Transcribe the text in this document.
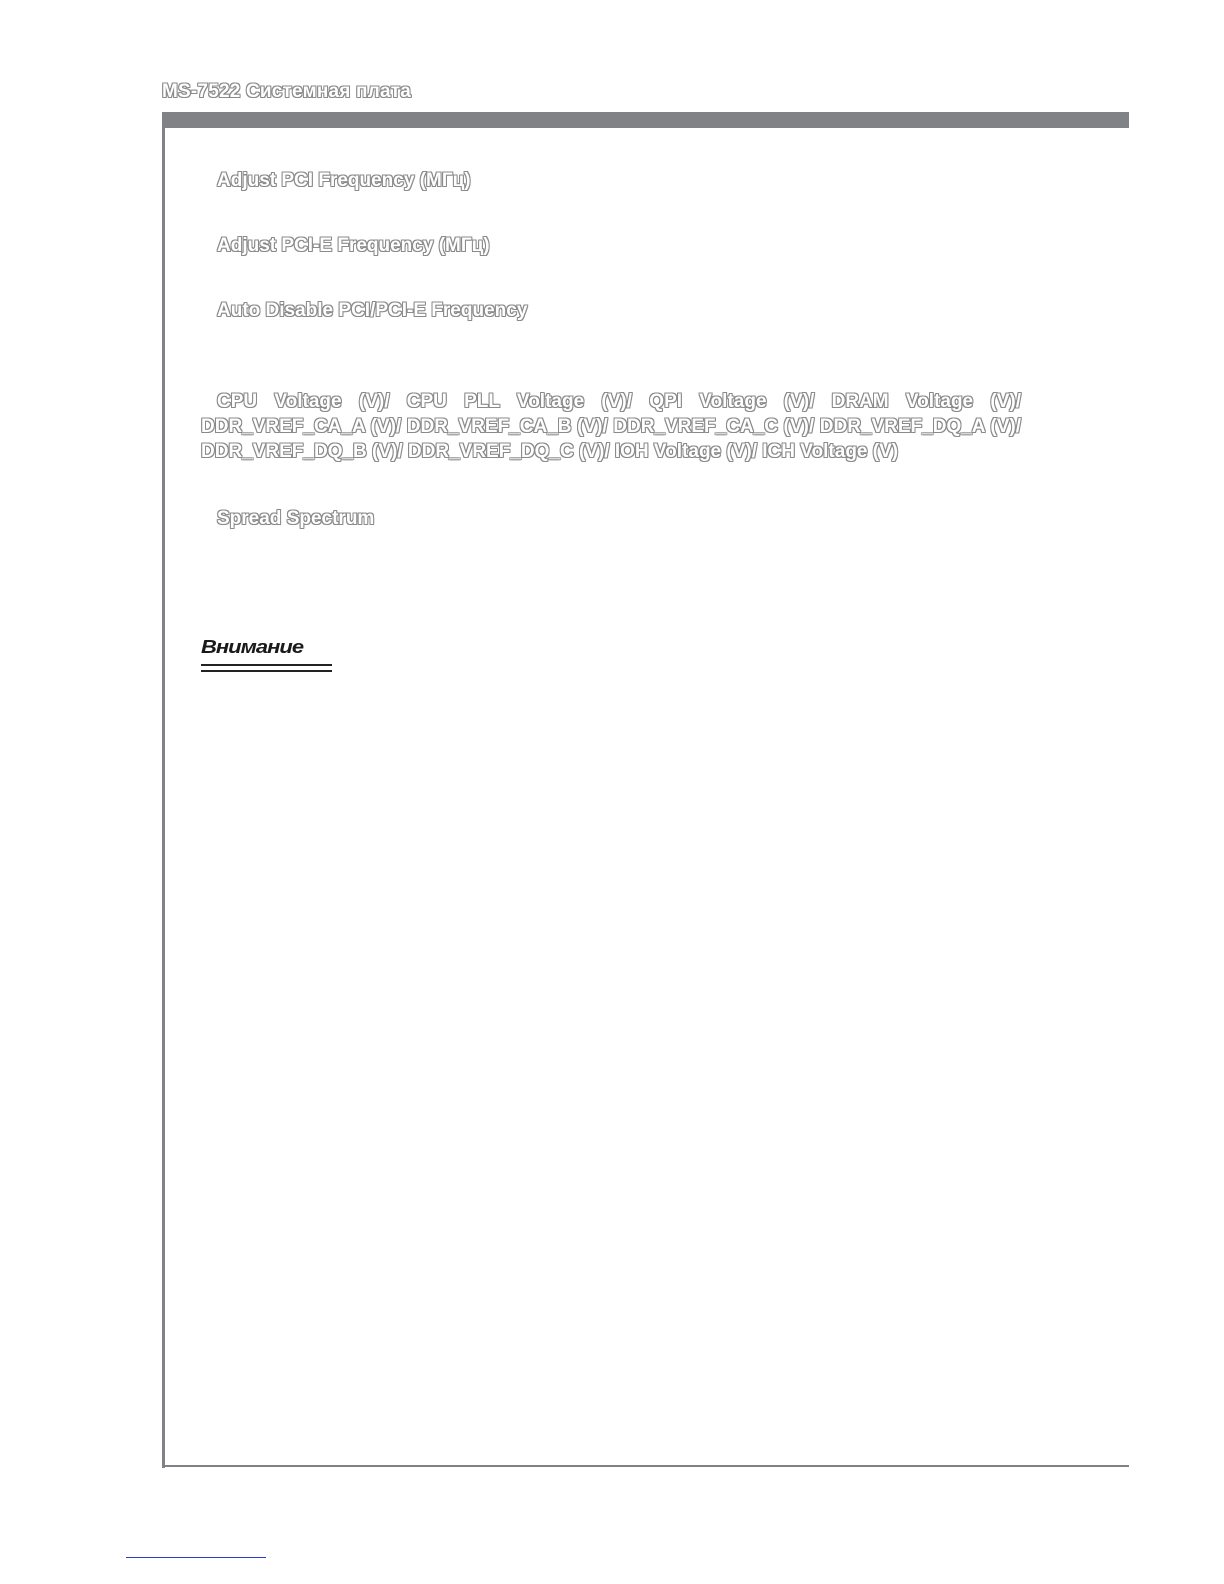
MS-7522 Системная плата

Adjust PCI Frequency (МГц)

Adjust PCI-E Frequency (МГц)

Auto Disable PCI/PCI-E Frequency

CPU Voltage (V)/ CPU PLL Voltage (V)/ QPI Voltage (V)/ DRAM Voltage (V)/ DDR_VREF_CA_A (V)/ DDR_VREF_CA_B (V)/ DDR_VREF_CA_C (V)/ DDR_VREF_DQ_A (V)/ DDR_VREF_DQ_B (V)/ DDR_VREF_DQ_C (V)/ IOH Voltage (V)/ ICH Voltage (V)

Spread Spectrum

Внимание
